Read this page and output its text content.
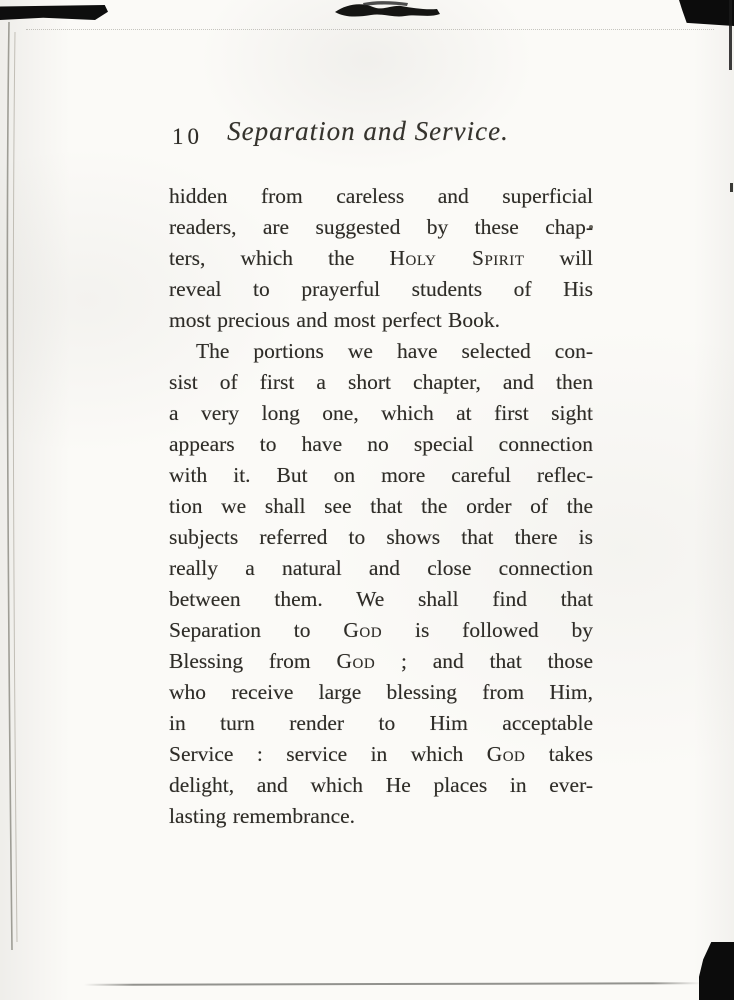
10 Separation and Service.
hidden from careless and superficial
readers, are suggested by these chap-
ters, which the Holy Spirit will
reveal to prayerful students of His
most precious and most perfect Book.
The portions we have selected con-
sist of first a short chapter, and then
a very long one, which at first sight
appears to have no special connection
with it. But on more careful reflec-
tion we shall see that the order of the
subjects referred to shows that there is
really a natural and close connection
between them. We shall find that
Separation to God is followed by
Blessing from God ; and that those
who receive large blessing from Him,
in turn render to Him acceptable
Service : service in which God takes
delight, and which He places in ever-
lasting remembrance.
